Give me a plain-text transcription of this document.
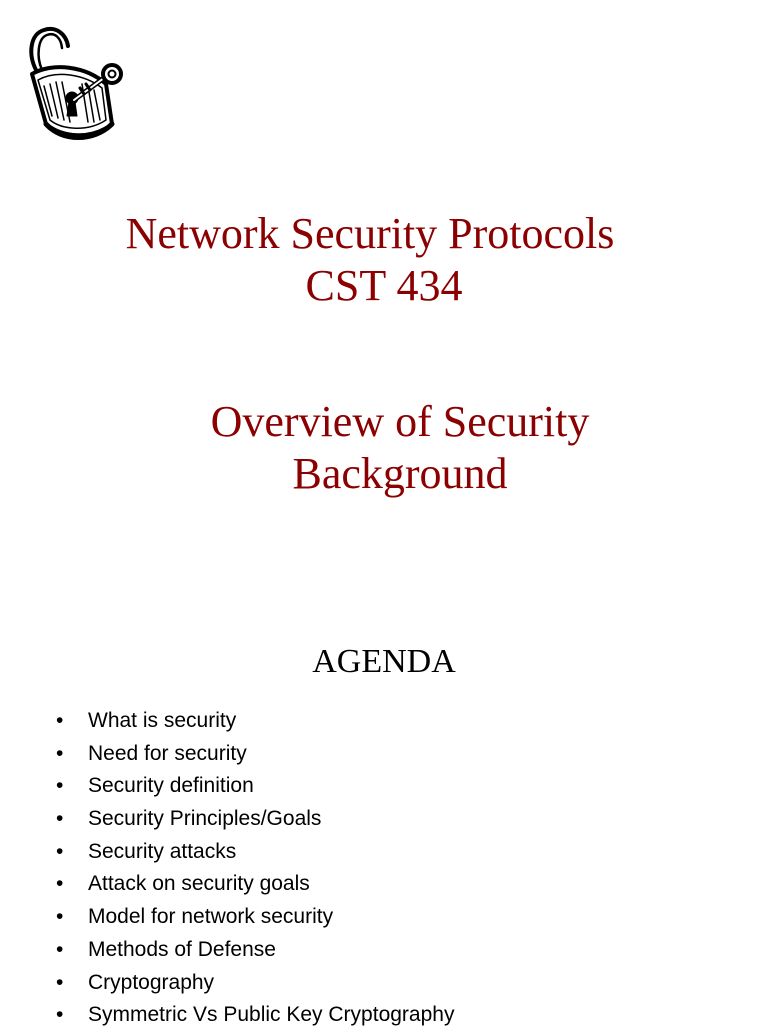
Network Security Protocols
CST 434
Overview of Security
Background
AGENDA
•	What is security
•	Need for security
•	Security definition
•	Security Principles/Goals
•	Security attacks
•	Attack on security goals
•	Model for network security
•	Methods of Defense
•	Cryptography
•	Symmetric Vs Public Key Cryptography
